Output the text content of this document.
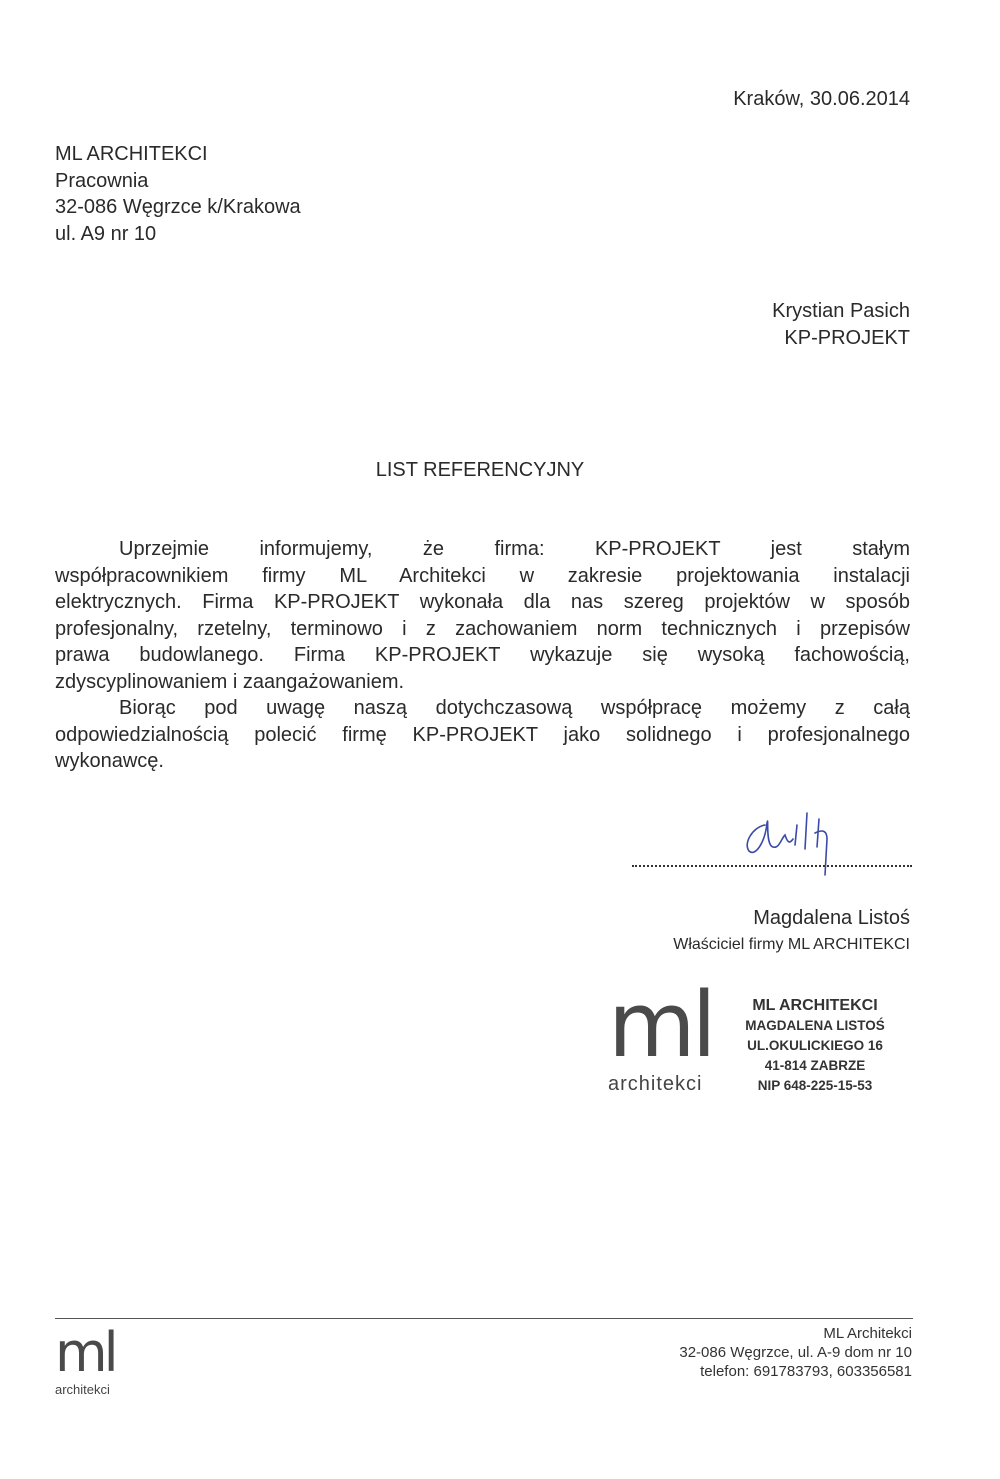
Kraków, 30.06.2014
ML ARCHITEKCI
Pracownia
32-086 Węgrzce k/Krakowa
ul. A9 nr 10
Krystian Pasich
KP-PROJEKT
LIST REFERENCYJNY
Uprzejmie informujemy, że firma: KP-PROJEKT jest stałym
współpracownikiem firmy ML Architekci w zakresie projektowania instalacji
elektrycznych. Firma KP-PROJEKT wykonała dla nas szereg projektów w sposób
profesjonalny, rzetelny, terminowo i z zachowaniem norm technicznych i przepisów
prawa budowlanego. Firma KP-PROJEKT wykazuje się wysoką fachowością,
zdyscyplinowaniem i zaangażowaniem.
Biorąc pod uwagę naszą dotychczasową współpracę możemy z całą
odpowiedzialnością polecić firmę KP-PROJEKT jako solidnego i profesjonalnego
wykonawcę.
Magdalena Listoś
Właściciel firmy ML ARCHITEKCI
ml
architekci
ML ARCHITEKCI
MAGDALENA LISTOŚ
UL.OKULICKIEGO 16
41-814 ZABRZE
NIP 648-225-15-53
ml
architekci
ML Architekci
32-086 Węgrzce, ul. A-9 dom nr 10
telefon: 691783793, 603356581
